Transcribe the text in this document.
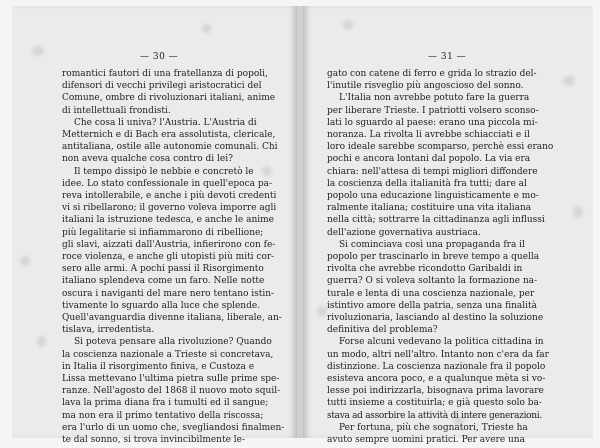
— 30 —
romantici fautori di una fratellanza di popoli,
difensori di vecchi privilegi aristocratici del
Comune, ombre di rivoluzionari italiani, anime
di intellettuali frondisti.
Che cosa li univa? l'Austria. L'Austria di
Metternich e di Bach era assolutista, clericale,
antitaliana, ostile alle autonomie comunali. Chi
non aveva qualche cosa contro di lei?
Il tempo dissipò le nebbie e concretò le
idee. Lo stato confessionale in quell'epoca pa-
reva intollerabile, e anche i più devoti credenti
vi si ribellarono; il governo voleva imporre agli
italiani la istruzione tedesca, e anche le anime
più legalitarie si infiammarono di ribellione;
gli slavi, aizzati dall'Austria, infierirono con fe-
roce violenza, e anche gli utopisti più miti cor-
sero alle armi. A pochi passi il Risorgimento
italiano splendeva come un faro. Nelle notte
oscura i naviganti del mare nero tentano istin-
tivamente lo sguardo alla luce che splende.
Quell'avanguardia divenne italiana, liberale, an-
tislava, irredentista.
Si poteva pensare alla rivoluzione? Quando
la coscienza nazionale a Trieste si concretava,
in Italia il risorgimento finiva, e Custoza e
Lissa mettevano l'ultima pietra sulle prime spe-
ranze. Nell'agosto del 1868 il nuovo moto squil-
lava la prima diana fra i tumulti ed il sangue;
ma non era il primo tentativo della riscossa;
era l'urlo di un uomo che, svegliandosi finalmen-
te dal sonno, si trova invincibilmente le-
— 31 —
gato con catene di ferro e grida lo strazio del-
l'inutile risveglio più angoscioso del sonno.
L'Italia non avrebbe potuto fare la guerra
per liberare Trieste. I patriotti volsero sconso-
lati lo sguardo al paese: erano una piccola mi-
noranza. La rivolta li avrebbe schiacciati e il
loro ideale sarebbe scomparso, perchè essi erano
pochi e ancora lontani dal popolo. La via era
chiara: nell'attesa di tempi migliori diffondere
la coscienza della italianità fra tutti; dare al
popolo una educazione linguisticamente e mo-
ralmente italiana; costituire una vita italiana
nella città; sottrarre la cittadinanza agli influssi
dell'azione governativa austriaca.
Si cominciava così una propaganda fra il
popolo per trascinarlo in breve tempo a quella
rivolta che avrebbe ricondotto Garibaldi in
guerra? O si voleva soltanto la formazione na-
turale e lenta di una coscienza nazionale, per
istintivo amore della patria, senza una finalità
rivoluzionaria, lasciando al destino la soluzione
definitiva del problema?
Forse alcuni vedevano la politica cittadina in
un modo, altri nell'altro. Intanto non c'era da far
distinzione. La coscienza nazionale fra il popolo
esisteva ancora poco, e a qualunque mèta si vo-
lesse poi indirizzarla, bisognava prima lavorare
tutti insieme a costituirla; e già questo solo ba-
stava ad assorbire la attività di intere generazioni.
Per fortuna, più che sognatori, Trieste ha
avuto sempre uomini pratici. Per avere una
